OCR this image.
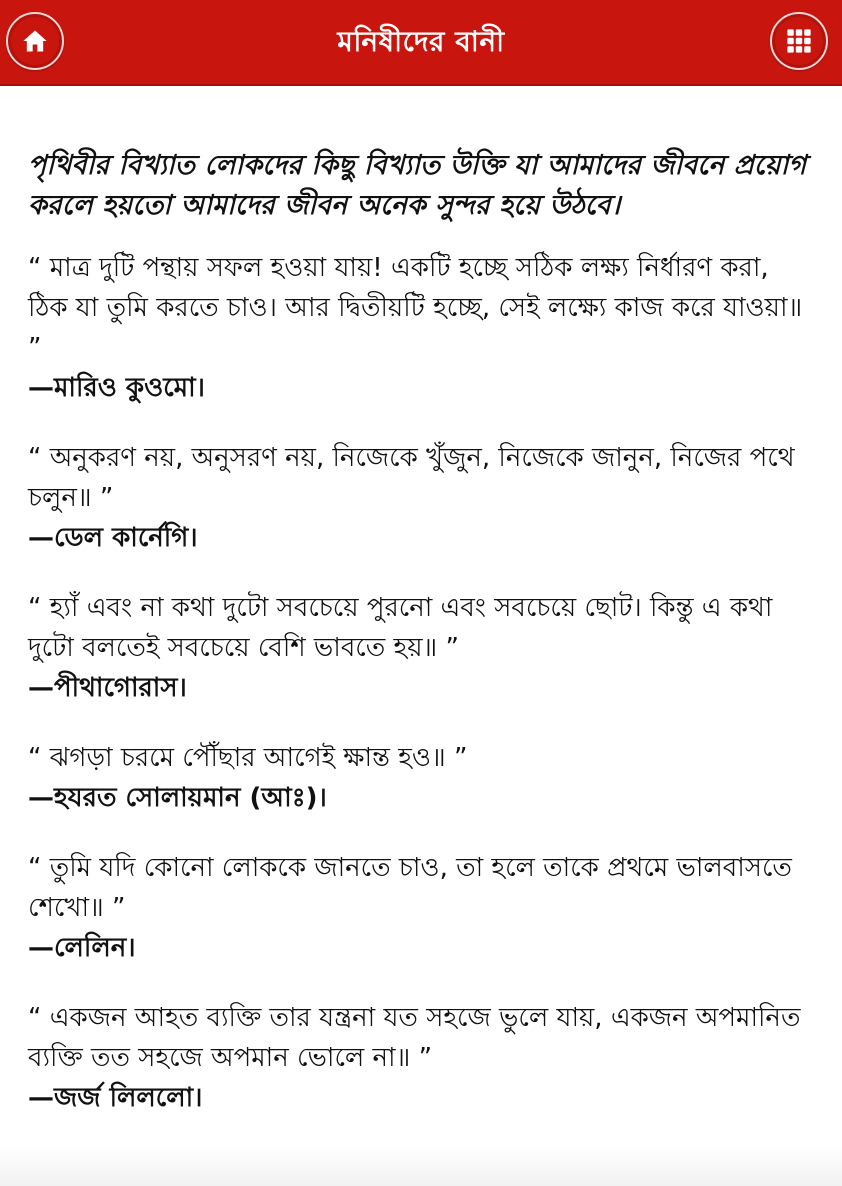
মনিষীদের বানী

পৃথিবীর বিখ্যাত লোকদের কিছু বিখ্যাত উক্তি যা আমাদের জীবনে প্রয়োগ করলে হয়তো আমাদের জীবন অনেক সুন্দর হয়ে উঠবে।

“ মাত্র দুটি পন্থায় সফল হওয়া যায়! একটি হচ্ছে সঠিক লক্ষ্য নির্ধারণ করা, ঠিক যা তুমি করতে চাও। আর দ্বিতীয়টি হচ্ছে, সেই লক্ষ্যে কাজ করে যাওয়া॥ ”

—মারিও কুওমো।

“ অনুকরণ নয়, অনুসরণ নয়, নিজেকে খুঁজুন, নিজেকে জানুন, নিজের পথে চলুন॥ ”

—ডেল কার্নেগি।

“ হ্যাঁ এবং না কথা দুটো সবচেয়ে পুরনো এবং সবচেয়ে ছোট। কিন্তু এ কথা দুটো বলতেই সবচেয়ে বেশি ভাবতে হয়॥ ”

—পীথাগোরাস।

“ ঝগড়া চরমে পৌঁছার আগেই ক্ষান্ত হও॥ ”

—হযরত সোলায়মান (আঃ)।

“ তুমি যদি কোনো লোককে জানতে চাও, তা হলে তাকে প্রথমে ভালবাসতে শেখো॥ ”

—লেলিন।

“ একজন আহত ব্যক্তি তার যন্ত্রনা যত সহজে ভুলে যায়, একজন অপমানিত ব্যক্তি তত সহজে অপমান ভোলে না॥ ”

—জর্জ লিললো।
